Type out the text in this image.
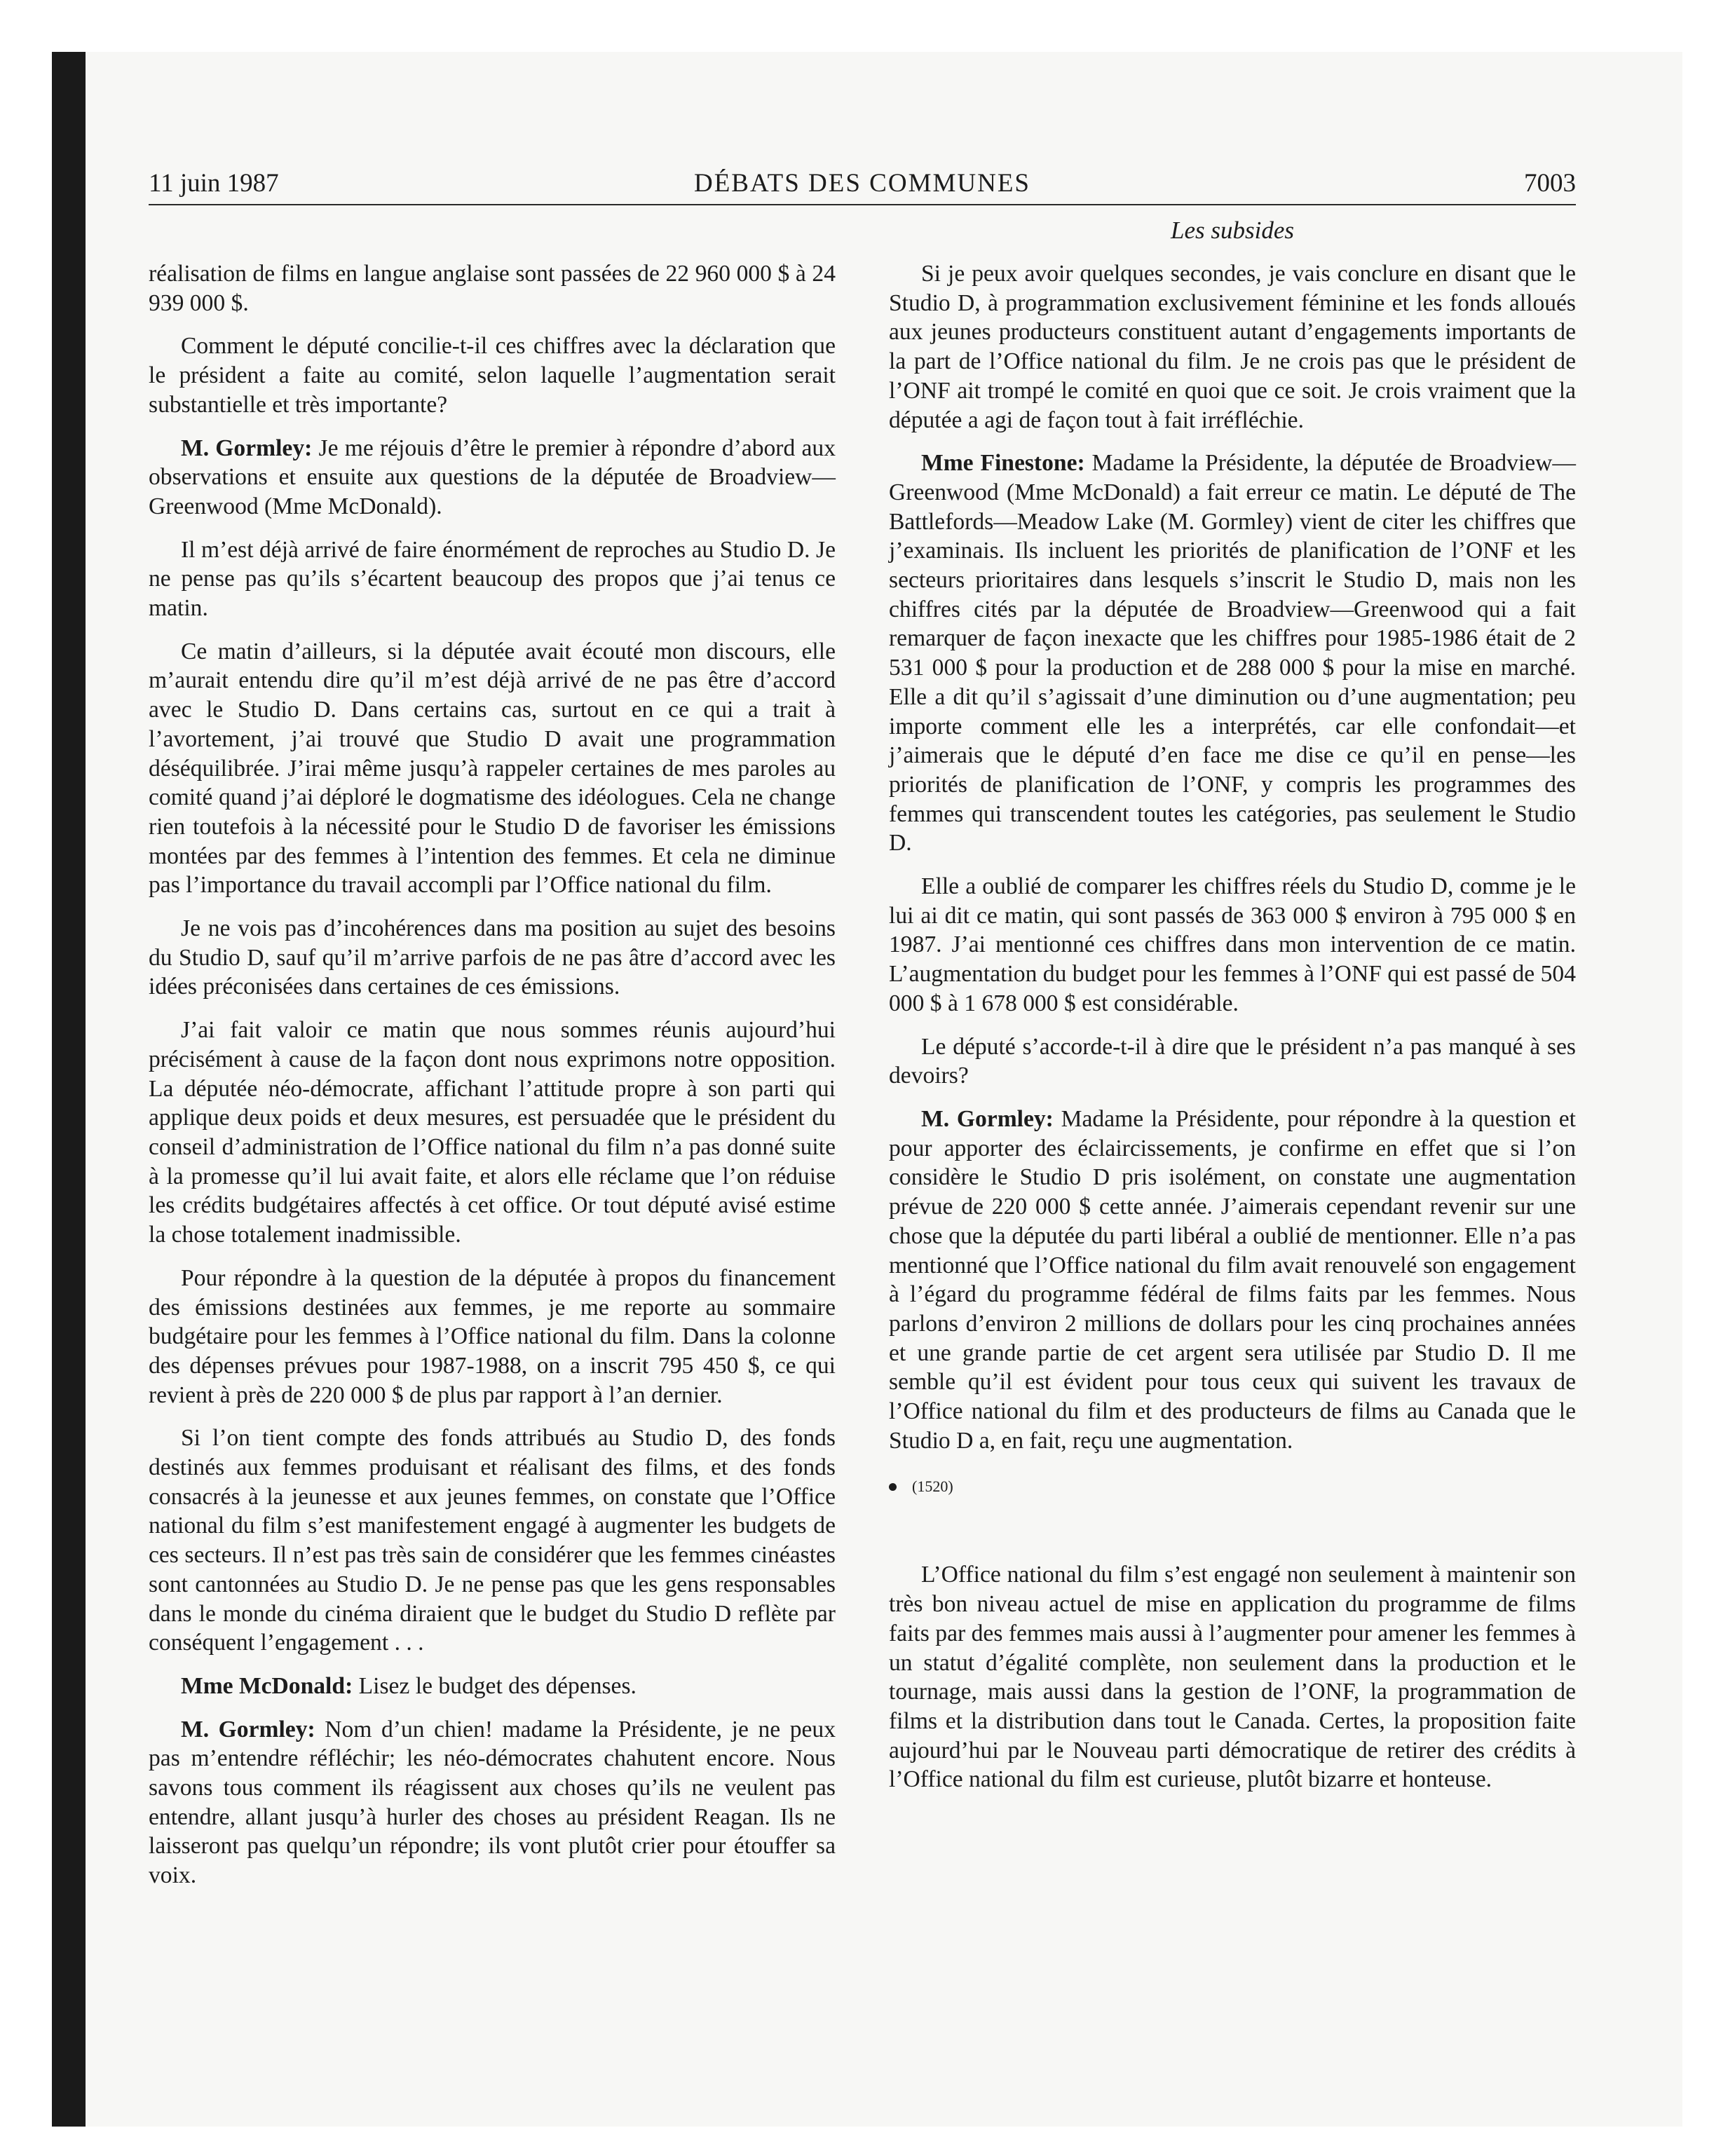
11 juin 1987	DÉBATS DES COMMUNES	7003
Les subsides

réalisation de films en langue anglaise sont passées de 22 960 000 $ à 24 939 000 $.

Comment le député concilie-t-il ces chiffres avec la déclaration que le président a faite au comité, selon laquelle l’augmentation serait substantielle et très importante?

M. Gormley: Je me réjouis d’être le premier à répondre d’abord aux observations et ensuite aux questions de la députée de Broadview—Greenwood (Mme McDonald).

Il m’est déjà arrivé de faire énormément de reproches au Studio D. Je ne pense pas qu’ils s’écartent beaucoup des propos que j’ai tenus ce matin.

Ce matin d’ailleurs, si la députée avait écouté mon discours, elle m’aurait entendu dire qu’il m’est déjà arrivé de ne pas être d’accord avec le Studio D. Dans certains cas, surtout en ce qui a trait à l’avortement, j’ai trouvé que Studio D avait une programmation déséquilibrée. J’irai même jusqu’à rappeler certaines de mes paroles au comité quand j’ai déploré le dogmatisme des idéologues. Cela ne change rien toutefois à la nécessité pour le Studio D de favoriser les émissions montées par des femmes à l’intention des femmes. Et cela ne diminue pas l’importance du travail accompli par l’Office national du film.

Je ne vois pas d’incohérences dans ma position au sujet des besoins du Studio D, sauf qu’il m’arrive parfois de ne pas âtre d’accord avec les idées préconisées dans certaines de ces émissions.

J’ai fait valoir ce matin que nous sommes réunis aujourd’hui précisément à cause de la façon dont nous exprimons notre opposition. La députée néo-démocrate, affichant l’attitude propre à son parti qui applique deux poids et deux mesures, est persuadée que le président du conseil d’administration de l’Office national du film n’a pas donné suite à la promesse qu’il lui avait faite, et alors elle réclame que l’on réduise les crédits budgétaires affectés à cet office. Or tout député avisé estime la chose totalement inadmissible.

Pour répondre à la question de la députée à propos du financement des émissions destinées aux femmes, je me reporte au sommaire budgétaire pour les femmes à l’Office national du film. Dans la colonne des dépenses prévues pour 1987-1988, on a inscrit 795 450 $, ce qui revient à près de 220 000 $ de plus par rapport à l’an dernier.

Si l’on tient compte des fonds attribués au Studio D, des fonds destinés aux femmes produisant et réalisant des films, et des fonds consacrés à la jeunesse et aux jeunes femmes, on constate que l’Office national du film s’est manifestement engagé à augmenter les budgets de ces secteurs. Il n’est pas très sain de considérer que les femmes cinéastes sont cantonnées au Studio D. Je ne pense pas que les gens responsables dans le monde du cinéma diraient que le budget du Studio D reflète par conséquent l’engagement . . .

Mme McDonald: Lisez le budget des dépenses.

M. Gormley: Nom d’un chien! madame la Présidente, je ne peux pas m’entendre réfléchir; les néo-démocrates chahutent encore. Nous savons tous comment ils réagissent aux choses qu’ils ne veulent pas entendre, allant jusqu’à hurler des choses au président Reagan. Ils ne laisseront pas quelqu’un répondre; ils vont plutôt crier pour étouffer sa voix.

Si je peux avoir quelques secondes, je vais conclure en disant que le Studio D, à programmation exclusivement féminine et les fonds alloués aux jeunes producteurs constituent autant d’engagements importants de la part de l’Office national du film. Je ne crois pas que le président de l’ONF ait trompé le comité en quoi que ce soit. Je crois vraiment que la députée a agi de façon tout à fait irréfléchie.

Mme Finestone: Madame la Présidente, la députée de Broadview—Greenwood (Mme McDonald) a fait erreur ce matin. Le député de The Battlefords—Meadow Lake (M. Gormley) vient de citer les chiffres que j’examinais. Ils incluent les priorités de planification de l’ONF et les secteurs prioritaires dans lesquels s’inscrit le Studio D, mais non les chiffres cités par la députée de Broadview—Greenwood qui a fait remarquer de façon inexacte que les chiffres pour 1985-1986 était de 2 531 000 $ pour la production et de 288 000 $ pour la mise en marché. Elle a dit qu’il s’agissait d’une diminution ou d’une augmentation; peu importe comment elle les a interprétés, car elle confondait—et j’aimerais que le député d’en face me dise ce qu’il en pense—les priorités de planification de l’ONF, y compris les programmes des femmes qui transcendent toutes les catégories, pas seulement le Studio D.

Elle a oublié de comparer les chiffres réels du Studio D, comme je le lui ai dit ce matin, qui sont passés de 363 000 $ environ à 795 000 $ en 1987. J’ai mentionné ces chiffres dans mon intervention de ce matin. L’augmentation du budget pour les femmes à l’ONF qui est passé de 504 000 $ à 1 678 000 $ est considérable.

Le député s’accorde-t-il à dire que le président n’a pas manqué à ses devoirs?

M. Gormley: Madame la Présidente, pour répondre à la question et pour apporter des éclaircissements, je confirme en effet que si l’on considère le Studio D pris isolément, on constate une augmentation prévue de 220 000 $ cette année. J’aimerais cependant revenir sur une chose que la députée du parti libéral a oublié de mentionner. Elle n’a pas mentionné que l’Office national du film avait renouvelé son engagement à l’égard du programme fédéral de films faits par les femmes. Nous parlons d’environ 2 millions de dollars pour les cinq prochaines années et une grande partie de cet argent sera utilisée par Studio D. Il me semble qu’il est évident pour tous ceux qui suivent les travaux de l’Office national du film et des producteurs de films au Canada que le Studio D a, en fait, reçu une augmentation.

(1520)

L’Office national du film s’est engagé non seulement à maintenir son très bon niveau actuel de mise en application du programme de films faits par des femmes mais aussi à l’augmenter pour amener les femmes à un statut d’égalité complète, non seulement dans la production et le tournage, mais aussi dans la gestion de l’ONF, la programmation de films et la distribution dans tout le Canada. Certes, la proposition faite aujourd’hui par le Nouveau parti démocratique de retirer des crédits à l’Office national du film est curieuse, plutôt bizarre et honteuse.
